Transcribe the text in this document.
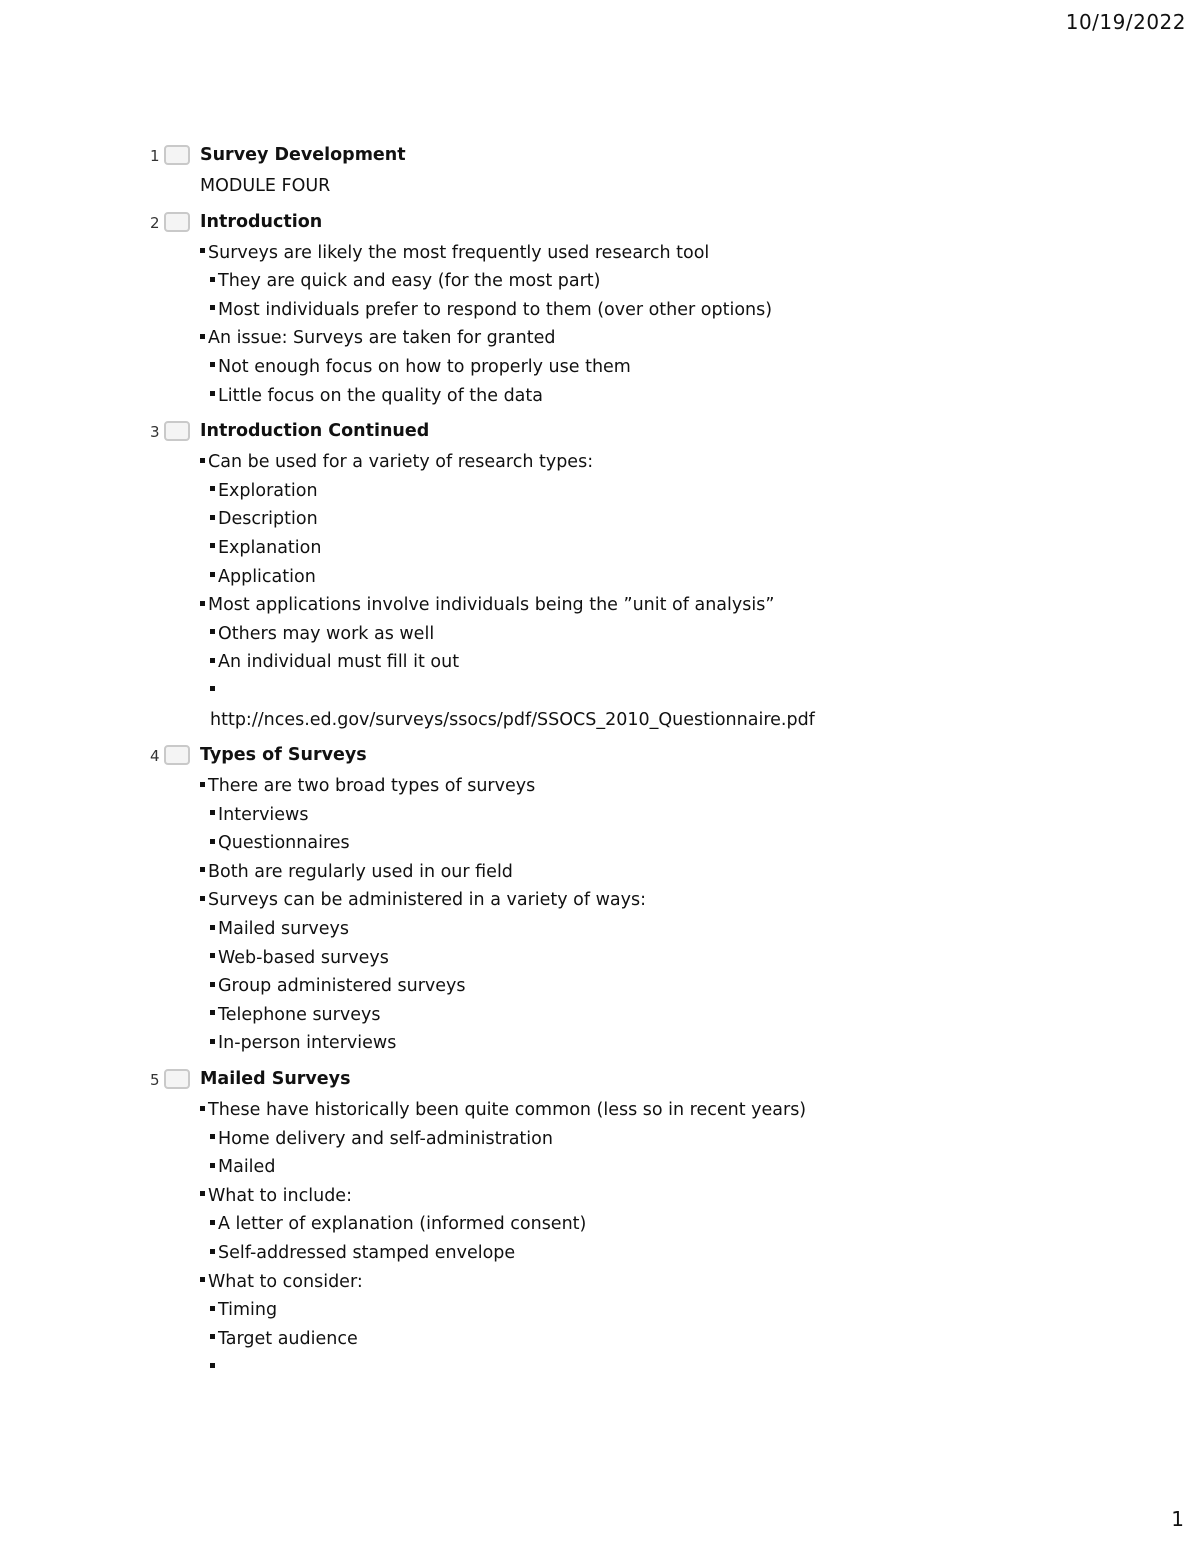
10/19/2022
1 Survey Development
MODULE FOUR
2 Introduction
Surveys are likely the most frequently used research tool
They are quick and easy (for the most part)
Most individuals prefer to respond to them (over other options)
An issue: Surveys are taken for granted
Not enough focus on how to properly use them
Little focus on the quality of the data
3 Introduction Continued
Can be used for a variety of research types:
Exploration
Description
Explanation
Application
Most applications involve individuals being the ”unit of analysis”
Others may work as well
An individual must fill it out
http://nces.ed.gov/surveys/ssocs/pdf/SSOCS_2010_Questionnaire.pdf
4 Types of Surveys
There are two broad types of surveys
Interviews
Questionnaires
Both are regularly used in our field
Surveys can be administered in a variety of ways:
Mailed surveys
Web-based surveys
Group administered surveys
Telephone surveys
In-person interviews
5 Mailed Surveys
These have historically been quite common (less so in recent years)
Home delivery and self-administration
Mailed
What to include:
A letter of explanation (informed consent)
Self-addressed stamped envelope
What to consider:
Timing
Target audience
1
